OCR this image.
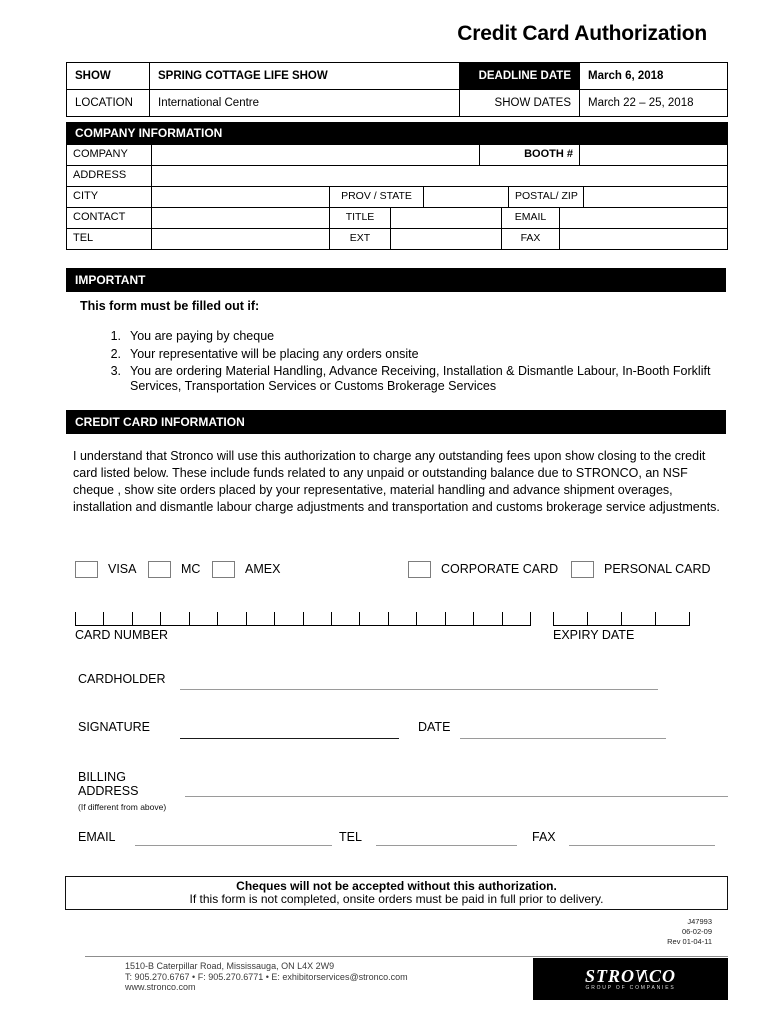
Credit Card Authorization
SHOW	SPRING COTTAGE LIFE SHOW	DEADLINE DATE	March 6, 2018
LOCATION	International Centre	SHOW DATES	March 22 – 25, 2018
COMPANY INFORMATION
COMPANY	BOOTH #
ADDRESS
CITY	PROV / STATE	POSTAL/ ZIP
CONTACT	TITLE	EMAIL
TEL	EXT	FAX
IMPORTANT
This form must be filled out if:
1. You are paying by cheque
2. Your representative will be placing any orders onsite
3. You are ordering Material Handling, Advance Receiving, Installation & Dismantle Labour, In-Booth Forklift Services, Transportation Services or Customs Brokerage Services
CREDIT CARD INFORMATION
I understand that Stronco will use this authorization to charge any outstanding fees upon show closing to the credit card listed below. These include funds related to any unpaid or outstanding balance due to STRONCO, an NSF cheque , show site orders placed by your representative, material handling and advance shipment overages, installation and dismantle labour charge adjustments and transportation and customs brokerage service adjustments.
VISA	MC	AMEX	CORPORATE CARD	PERSONAL CARD
CARD NUMBER	EXPIRY DATE
CARDHOLDER
SIGNATURE	DATE
BILLING
ADDRESS
(If different from above)
EMAIL	TEL	FAX
Cheques will not be accepted without this authorization.
If this form is not completed, onsite orders must be paid in full prior to delivery.
J47993
06-02-09
Rev 01-04-11
1510-B Caterpillar Road, Mississauga, ON L4X 2W9
T: 905.270.6767 • F: 905.270.6771 • E: exhibitorservices@stronco.com
www.stronco.com
STRONCO
GROUP OF COMPANIES
